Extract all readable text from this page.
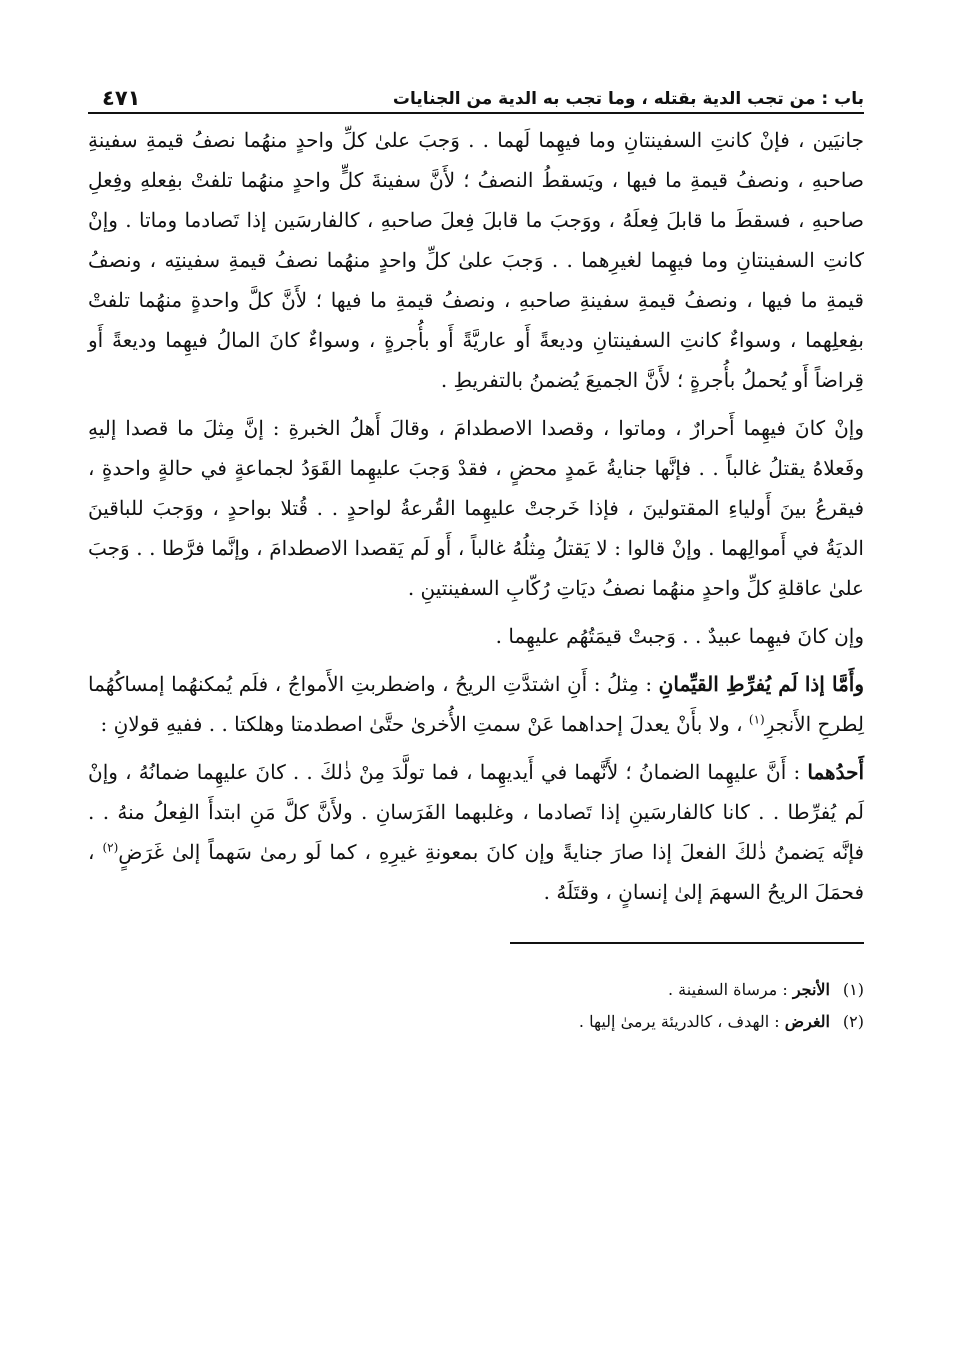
باب : من تجب الدية بقتله ، وما تجب به الدية من الجنايات
٤٧١

جانيَين ، فإنْ كانتِ السفينتانِ وما فيهِما لَهما . . وَجبَ علىٰ كلِّ واحدٍ منهُما نصفُ قيمةِ سفينةِ صاحبهِ ، ونصفُ قيمةِ ما فيها ، ويَسقطُ النصفُ ؛ لأَنَّ سفينةَ كلٍّ واحدٍ منهُما تلفتْ بفِعلهِ وفِعلِ صاحبهِ ، فسقطَ ما قابلَ فِعلَهُ ، ووَجبَ ما قابلَ فِعلَ صاحبهِ ، كالفارسَين إذا تَصادما وماتا . وإنْ كانتِ السفينتانِ وما فيهِما لغيرِهما . . وَجبَ علىٰ كلِّ واحدٍ منهُما نصفُ قيمةِ سفينتِه ، ونصفُ قيمةِ ما فيها ، ونصفُ قيمةِ سفينةِ صاحبهِ ، ونصفُ قيمةِ ما فيها ؛ لأَنَّ كلَّ واحدةٍ منهُما تلفتْ بفِعلِهما ، وسواءٌ كانتِ السفينتانِ وديعةً أَو عاريَّةً أَو بأُجرةٍ ، وسواءٌ كانَ المالُ فيهِما وديعةً أَو قِراضاً أَو يُحملُ بأُجرةٍ ؛ لأَنَّ الجميعَ يُضمنُ بالتفريطِ .

وإنْ كانَ فيهِما أَحرارٌ ، وماتوا ، وقصدا الاصطدامَ ، وقالَ أَهلُ الخبرةِ : إنَّ مِثلَ ما قصدا إليهِ وفَعلاهُ يقتلُ غالباً . . فإنَّها جنايةُ عَمدٍ محضٍ ، فقدْ وَجبَ عليهِما القَوَدُ لجماعةٍ في حالةٍ واحدةٍ ، فيقرعُ بينَ أَولياءِ المقتولينَ ، فإذا خَرجتْ عليهِما القُرعةُ لواحدٍ . . قُتلا بواحدٍ ، ووَجبَ للباقينَ الديَةُ في أَموالِهما . وإنْ قالوا : لا يَقتلُ مِثلُهُ غالباً ، أَو لَم يَقصدا الاصطدامَ ، وإنَّما فرَّطا . . وَجبَ علىٰ عاقلةِ كلِّ واحدٍ منهُما نصفُ ديَاتِ رُكّابِ السفينتينِ .

وإن كانَ فيهِما عبيدٌ . . وَجبتْ قيمَتُهُم عليهِما .

وأَمَّا إذا لَم يُفرِّطِ القيِّمانِ : مِثلُ : أَنِ اشتدَّتِ الريحُ ، واضطربتِ الأَمواجُ ، فلَم يُمكنهُما إمساكُهُما لِطرحِ الأَنجرِ$^{(١)}$ ، ولا بأَنْ يعدلَ إحداهما عَنْ سمتِ الأُخرىٰ حتَّىٰ اصطدمتا وهلكتا . . ففيهِ قولانِ :

أَحدُهما : أَنَّ عليهِما الضمانُ ؛ لأَنَّهما في أَيديهِما ، فما تولَّدَ مِنْ ذٰلكَ . . كانَ عليهِما ضمانُهُ ، وإنْ لَم يُفرِّطا . . كانا كالفارسَينِ إذا تَصادما ، وغلبهما الفَرَسانِ . ولأَنَّ كلَّ مَنِ ابتدأَ الفِعلُ منهُ . . فإنَّه يَضمنُ ذٰلكَ الفعلَ إذا صارَ جنايةً وإن كانَ بمعونةِ غيرِهِ ، كما لَو رمىٰ سَهماً إلىٰ غَرَضٍ$^{(٢)}$ ، فحمَلَ الريحُ السهمَ إلىٰ إنسانٍ ، وقتَلَهُ .

(١)الأنجر : مرساة السفينة .

(٢)الغرض : الهدف ، كالدريئة يرمىٰ إليها .
